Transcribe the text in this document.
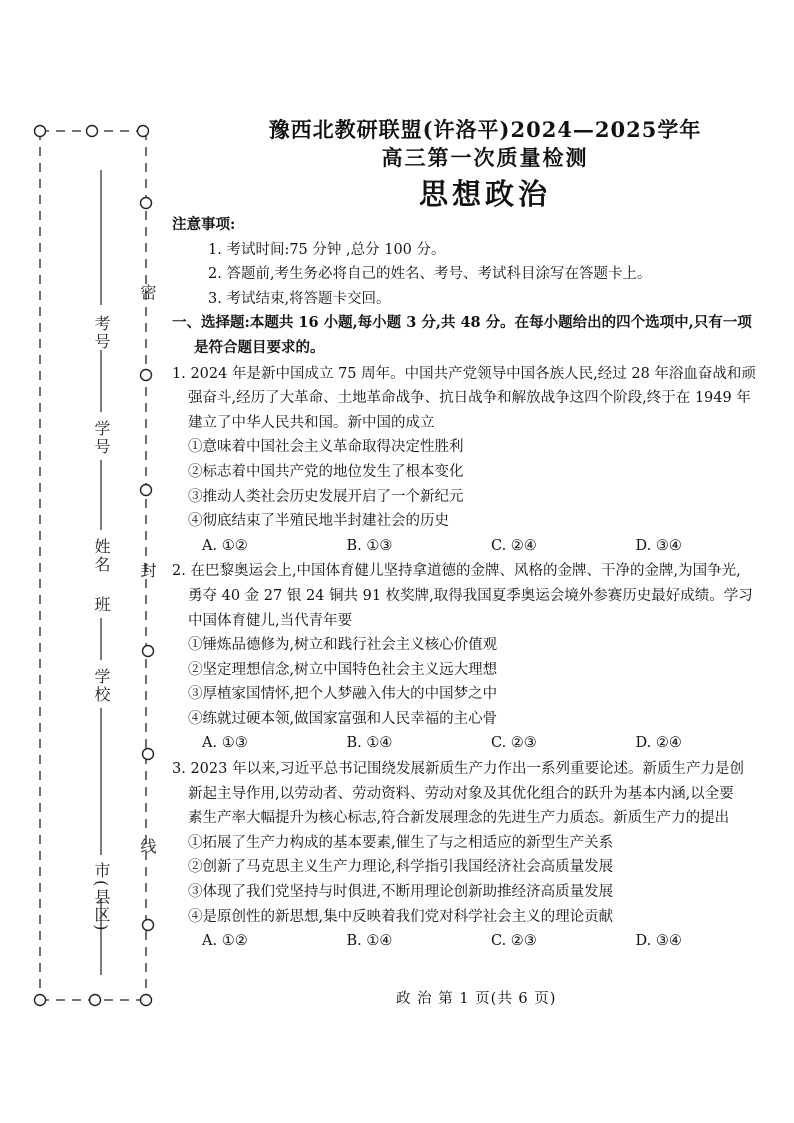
考号
学号
姓名
班
学校
市(县区)
密
封
线
豫西北教研联盟(许洛平)2024—2025学年
高三第一次质量检测
思想政治
注意事项:
1. 考试时间:75 分钟 ,总分 100 分。
2. 答题前,考生务必将自己的姓名、考号、考试科目涂写在答题卡上。
3. 考试结束,将答题卡交回。
一、选择题:本题共 16 小题,每小题 3 分,共 48 分。在每小题给出的四个选项中,只有一项
是符合题目要求的。
1. 2024 年是新中国成立 75 周年。中国共产党领导中国各族人民,经过 28 年浴血奋战和顽
强奋斗,经历了大革命、土地革命战争、抗日战争和解放战争这四个阶段,终于在 1949 年
建立了中华人民共和国。新中国的成立
①意味着中国社会主义革命取得决定性胜利
②标志着中国共产党的地位发生了根本变化
③推动人类社会历史发展开启了一个新纪元
④彻底结束了半殖民地半封建社会的历史
A. ①②	B. ①③	C. ②④	D. ③④
2. 在巴黎奥运会上,中国体育健儿坚持拿道德的金牌、风格的金牌、干净的金牌,为国争光,
勇夺 40 金 27 银 24 铜共 91 枚奖牌,取得我国夏季奥运会境外参赛历史最好成绩。学习
中国体育健儿,当代青年要
①锤炼品德修为,树立和践行社会主义核心价值观
②坚定理想信念,树立中国特色社会主义远大理想
③厚植家国情怀,把个人梦融入伟大的中国梦之中
④练就过硬本领,做国家富强和人民幸福的主心骨
A. ①③	B. ①④	C. ②③	D. ②④
3. 2023 年以来,习近平总书记围绕发展新质生产力作出一系列重要论述。新质生产力是创
新起主导作用,以劳动者、劳动资料、劳动对象及其优化组合的跃升为基本内涵,以全要
素生产率大幅提升为核心标志,符合新发展理念的先进生产力质态。新质生产力的提出
①拓展了生产力构成的基本要素,催生了与之相适应的新型生产关系
②创新了马克思主义生产力理论,科学指引我国经济社会高质量发展
③体现了我们党坚持与时俱进,不断用理论创新助推经济高质量发展
④是原创性的新思想,集中反映着我们党对科学社会主义的理论贡献
A. ①②	B. ①④	C. ②③	D. ③④
政 治 第 1 页(共 6 页)
